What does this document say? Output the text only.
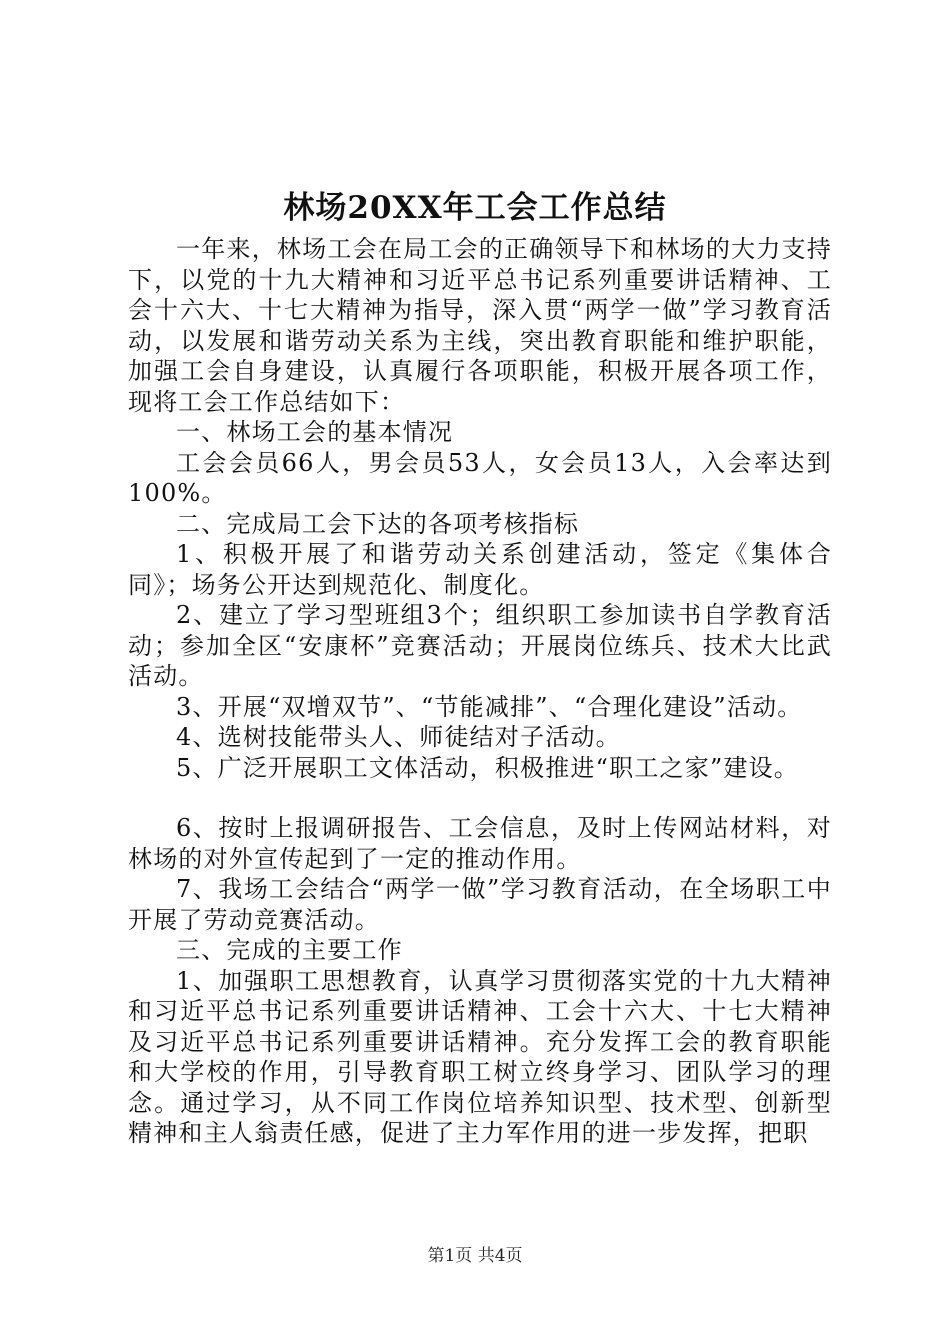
林场20XX年工会工作总结

一年来，林场工会在局工会的正确领导下和林场的大力支持下，以党的十九大精神和习近平总书记系列重要讲话精神、工会十六大、十七大精神为指导，深入贯“两学一做”学习教育活动，以发展和谐劳动关系为主线，突出教育职能和维护职能，加强工会自身建设，认真履行各项职能，积极开展各项工作，现将工会工作总结如下：

一、林场工会的基本情况

工会会员66人，男会员53人，女会员13人，入会率达到100%。

二、完成局工会下达的各项考核指标

1、积极开展了和谐劳动关系创建活动，签定《集体合同》；场务公开达到规范化、制度化。

2、建立了学习型班组3个；组织职工参加读书自学教育活动；参加全区“安康杯”竞赛活动；开展岗位练兵、技术大比武活动。

3、开展“双增双节”、“节能减排”、“合理化建设”活动。

4、选树技能带头人、师徒结对子活动。

5、广泛开展职工文体活动，积极推进“职工之家”建设。

6、按时上报调研报告、工会信息，及时上传网站材料，对林场的对外宣传起到了一定的推动作用。

7、我场工会结合“两学一做”学习教育活动，在全场职工中开展了劳动竞赛活动。

三、完成的主要工作

1、加强职工思想教育，认真学习贯彻落实党的十九大精神和习近平总书记系列重要讲话精神、工会十六大、十七大精神及习近平总书记系列重要讲话精神。充分发挥工会的教育职能和大学校的作用，引导教育职工树立终身学习、团队学习的理念。通过学习，从不同工作岗位培养知识型、技术型、创新型精神和主人翁责任感，促进了主力军作用的进一步发挥，把职

第1页 共4页
